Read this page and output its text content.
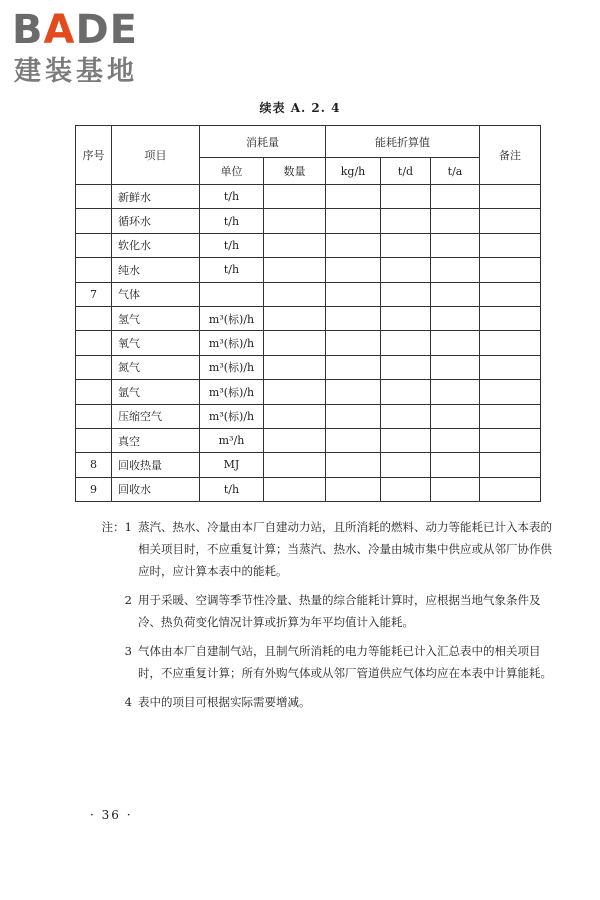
BADE
建装基地
续表 A. 2. 4
序号	项目	消耗量		能耗折算值			备注
		单位	数量	kg/h	t/d	t/a	
	新鲜水	t/h					
	循环水	t/h					
	软化水	t/h					
	纯水	t/h					
7	气体						
	氢气	m³(标)/h					
	氧气	m³(标)/h					
	氮气	m³(标)/h					
	氩气	m³(标)/h					
	压缩空气	m³(标)/h					
	真空	m³/h					
8	回收热量	MJ					
9	回收水	t/h					
注：1 蒸汽、热水、冷量由本厂自建动力站，且所消耗的燃料、动力等能耗已计入本表的相关项目时，不应重复计算；当蒸汽、热水、冷量由城市集中供应或从邻厂协作供应时，应计算本表中的能耗。
2 用于采暖、空调等季节性冷量、热量的综合能耗计算时，应根据当地气象条件及冷、热负荷变化情况计算或折算为年平均值计入能耗。
3 气体由本厂自建制气站，且制气所消耗的电力等能耗已计入汇总表中的相关项目时，不应重复计算；所有外购气体或从邻厂管道供应气体均应在本表中计算能耗。
4 表中的项目可根据实际需要增减。
· 36 ·
